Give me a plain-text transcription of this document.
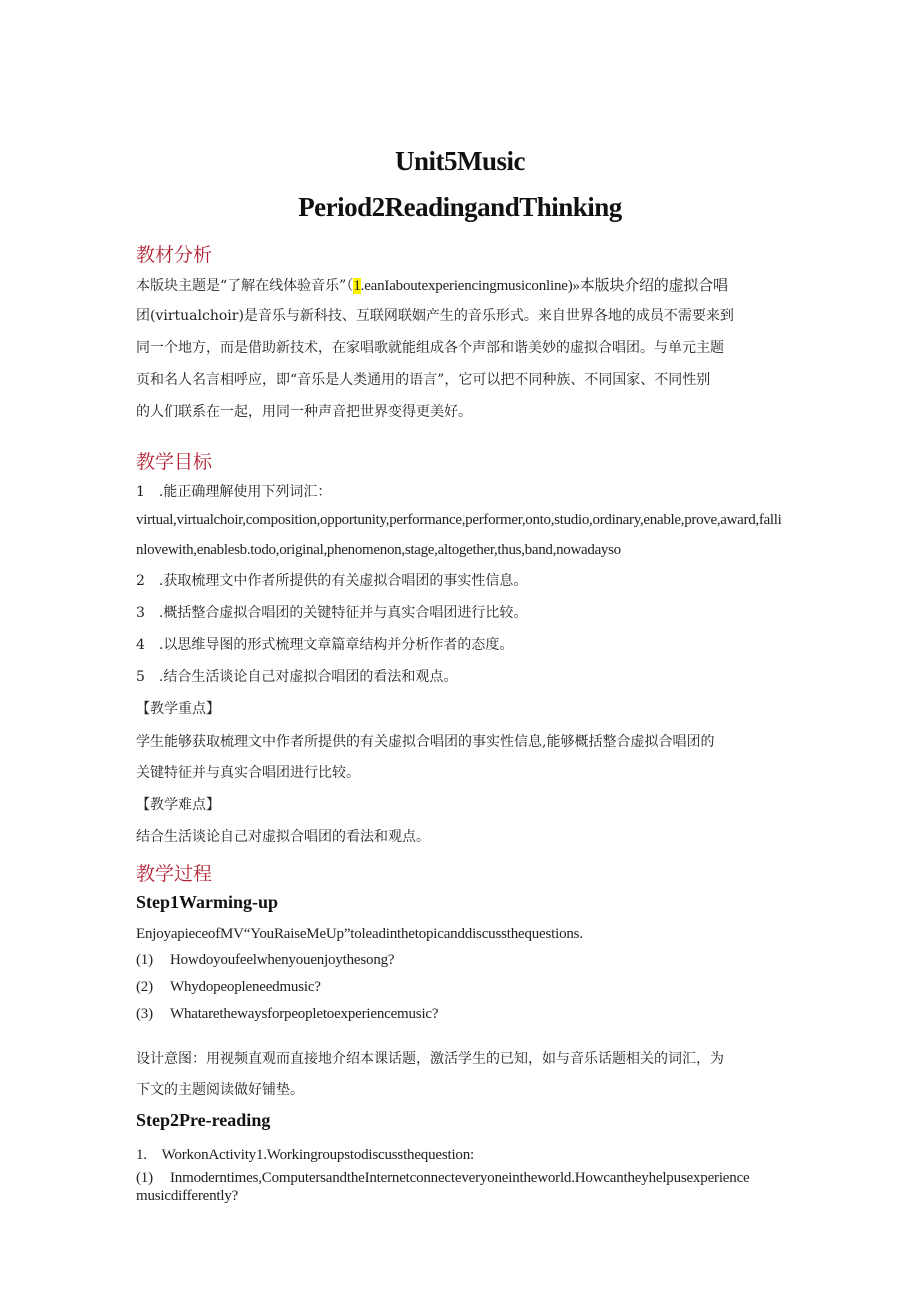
Unit5Music
Period2ReadingandThinking
教材分析
本版块主题是“了解在线体验音乐”（1.eanIaboutexperiencingmusiconline)»本版块介绍的虚拟合唱
团(virtualchoir)是音乐与新科技、互联网联姻产生的音乐形式。来自世界各地的成员不需要来到
同一个地方，而是借助新技术，在家唱歌就能组成各个声部和谐美妙的虚拟合唱团。与单元主题
页和名人名言相呼应，即“音乐是人类通用的语言”，它可以把不同种族、不同国家、不同性别
的人们联系在一起，用同一种声音把世界变得更美好。
教学目标
1　.能正确理解使用下列词汇：
virtual,virtualchoir,composition,opportunity,performance,performer,onto,studio,ordinary,enable,prove,award,fallinlovewith,enablesb.todo,original,phenomenon,stage,altogether,thus,band,nowadayso
2　.获取梳理文中作者所提供的有关虚拟合唱团的事实性信息。
3　.概括整合虚拟合唱团的关键特征并与真实合唱团进行比较。
4　.以思维导图的形式梳理文章篇章结构并分析作者的态度。
5　.结合生活谈论自己对虚拟合唱团的看法和观点。
【教学重点】
学生能够获取梳理文中作者所提供的有关虚拟合唱团的事实性信息,能够概括整合虚拟合唱团的
关键特征并与真实合唱团进行比较。
【教学难点】
结合生活谈论自己对虚拟合唱团的看法和观点。
教学过程
Step1Warming-up
EnjoyapieceofMV“YouRaiseMeUp”toleadinthetopicanddiscussthequestions.
(1) Howdoyoufeelwhenyouenjoythesong?
(2) Whydopeopleneedmusic?
(3) Whatarethewaysforpeopletoexperiencemusic?
设计意图：用视频直观而直接地介绍本课话题，激活学生的已知，如与音乐话题相关的词汇，为
下文的主题阅读做好铺垫。
Step2Pre-reading
1.　WorkonActivity1.Workingroupstodiscussthequestion:
(1) Inmoderntimes,ComputersandtheInternetconnecteveryoneintheworld.Howcantheyhelpusexperience
musicdifferently?
